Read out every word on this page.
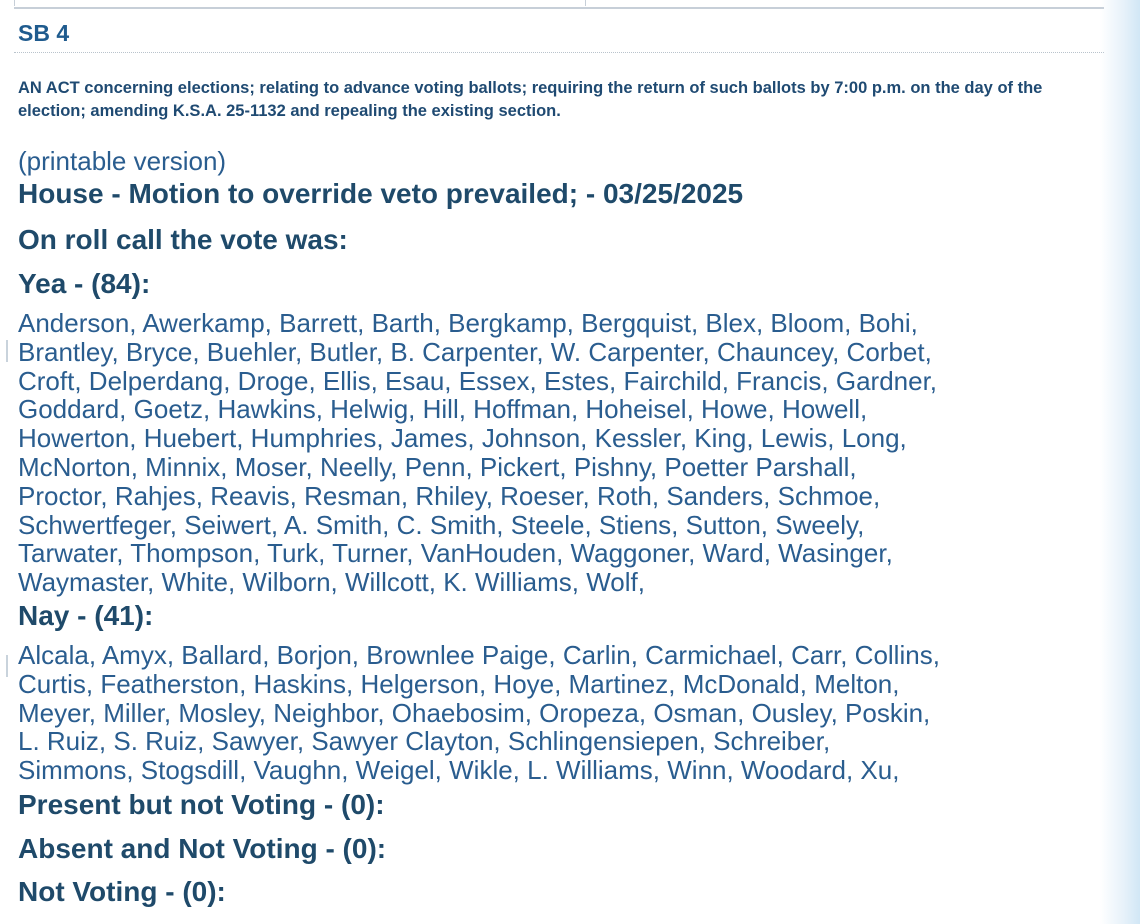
SB 4
AN ACT concerning elections; relating to advance voting ballots; requiring the return of such ballots by 7:00 p.m. on the day of the election; amending K.S.A. 25-1132 and repealing the existing section.
(printable version)
House - Motion to override veto prevailed; - 03/25/2025
On roll call the vote was:
Yea - (84):
Anderson, Awerkamp, Barrett, Barth, Bergkamp, Bergquist, Blex, Bloom, Bohi,
Brantley, Bryce, Buehler, Butler, B. Carpenter, W. Carpenter, Chauncey, Corbet,
Croft, Delperdang, Droge, Ellis, Esau, Essex, Estes, Fairchild, Francis, Gardner,
Goddard, Goetz, Hawkins, Helwig, Hill, Hoffman, Hoheisel, Howe, Howell,
Howerton, Huebert, Humphries, James, Johnson, Kessler, King, Lewis, Long,
McNorton, Minnix, Moser, Neelly, Penn, Pickert, Pishny, Poetter Parshall,
Proctor, Rahjes, Reavis, Resman, Rhiley, Roeser, Roth, Sanders, Schmoe,
Schwertfeger, Seiwert, A. Smith, C. Smith, Steele, Stiens, Sutton, Sweely,
Tarwater, Thompson, Turk, Turner, VanHouden, Waggoner, Ward, Wasinger,
Waymaster, White, Wilborn, Willcott, K. Williams, Wolf,
Nay - (41):
Alcala, Amyx, Ballard, Borjon, Brownlee Paige, Carlin, Carmichael, Carr, Collins,
Curtis, Featherston, Haskins, Helgerson, Hoye, Martinez, McDonald, Melton,
Meyer, Miller, Mosley, Neighbor, Ohaebosim, Oropeza, Osman, Ousley, Poskin,
L. Ruiz, S. Ruiz, Sawyer, Sawyer Clayton, Schlingensiepen, Schreiber,
Simmons, Stogsdill, Vaughn, Weigel, Wikle, L. Williams, Winn, Woodard, Xu,
Present but not Voting - (0):
Absent and Not Voting - (0):
Not Voting - (0):
